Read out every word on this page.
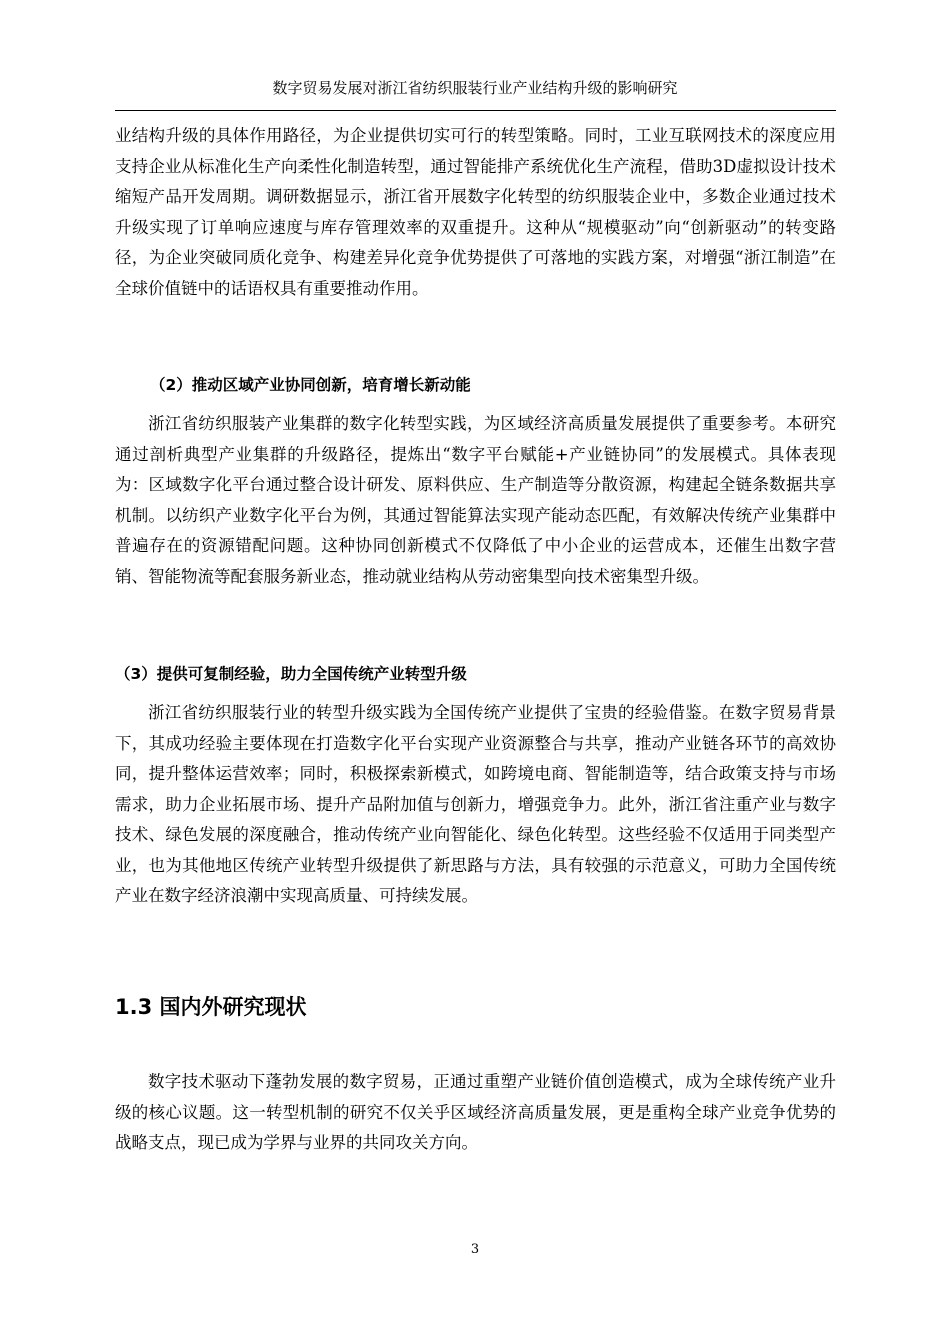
数字贸易发展对浙江省纺织服装行业产业结构升级的影响研究

业结构升级的具体作用路径，为企业提供切实可行的转型策略。同时，工业互联网技术的深度应用支持企业从标准化生产向柔性化制造转型，通过智能排产系统优化生产流程，借助3D虚拟设计技术缩短产品开发周期。调研数据显示，浙江省开展数字化转型的纺织服装企业中，多数企业通过技术升级实现了订单响应速度与库存管理效率的双重提升。这种从“规模驱动”向“创新驱动”的转变路径，为企业突破同质化竞争、构建差异化竞争优势提供了可落地的实践方案，对增强“浙江制造”在全球价值链中的话语权具有重要推动作用。

（2）推动区域产业协同创新，培育增长新动能

浙江省纺织服装产业集群的数字化转型实践，为区域经济高质量发展提供了重要参考。本研究通过剖析典型产业集群的升级路径，提炼出“数字平台赋能+产业链协同”的发展模式。具体表现为：区域数字化平台通过整合设计研发、原料供应、生产制造等分散资源，构建起全链条数据共享机制。以纺织产业数字化平台为例，其通过智能算法实现产能动态匹配，有效解决传统产业集群中普遍存在的资源错配问题。这种协同创新模式不仅降低了中小企业的运营成本，还催生出数字营销、智能物流等配套服务新业态，推动就业结构从劳动密集型向技术密集型升级。

（3）提供可复制经验，助力全国传统产业转型升级

浙江省纺织服装行业的转型升级实践为全国传统产业提供了宝贵的经验借鉴。在数字贸易背景下，其成功经验主要体现在打造数字化平台实现产业资源整合与共享，推动产业链各环节的高效协同，提升整体运营效率；同时，积极探索新模式，如跨境电商、智能制造等，结合政策支持与市场需求，助力企业拓展市场、提升产品附加值与创新力，增强竞争力。此外，浙江省注重产业与数字技术、绿色发展的深度融合，推动传统产业向智能化、绿色化转型。这些经验不仅适用于同类型产业，也为其他地区传统产业转型升级提供了新思路与方法，具有较强的示范意义，可助力全国传统产业在数字经济浪潮中实现高质量、可持续发展。

1.3 国内外研究现状

数字技术驱动下蓬勃发展的数字贸易，正通过重塑产业链价值创造模式，成为全球传统产业升级的核心议题。这一转型机制的研究不仅关乎区域经济高质量发展，更是重构全球产业竞争优势的战略支点，现已成为学界与业界的共同攻关方向。

3
